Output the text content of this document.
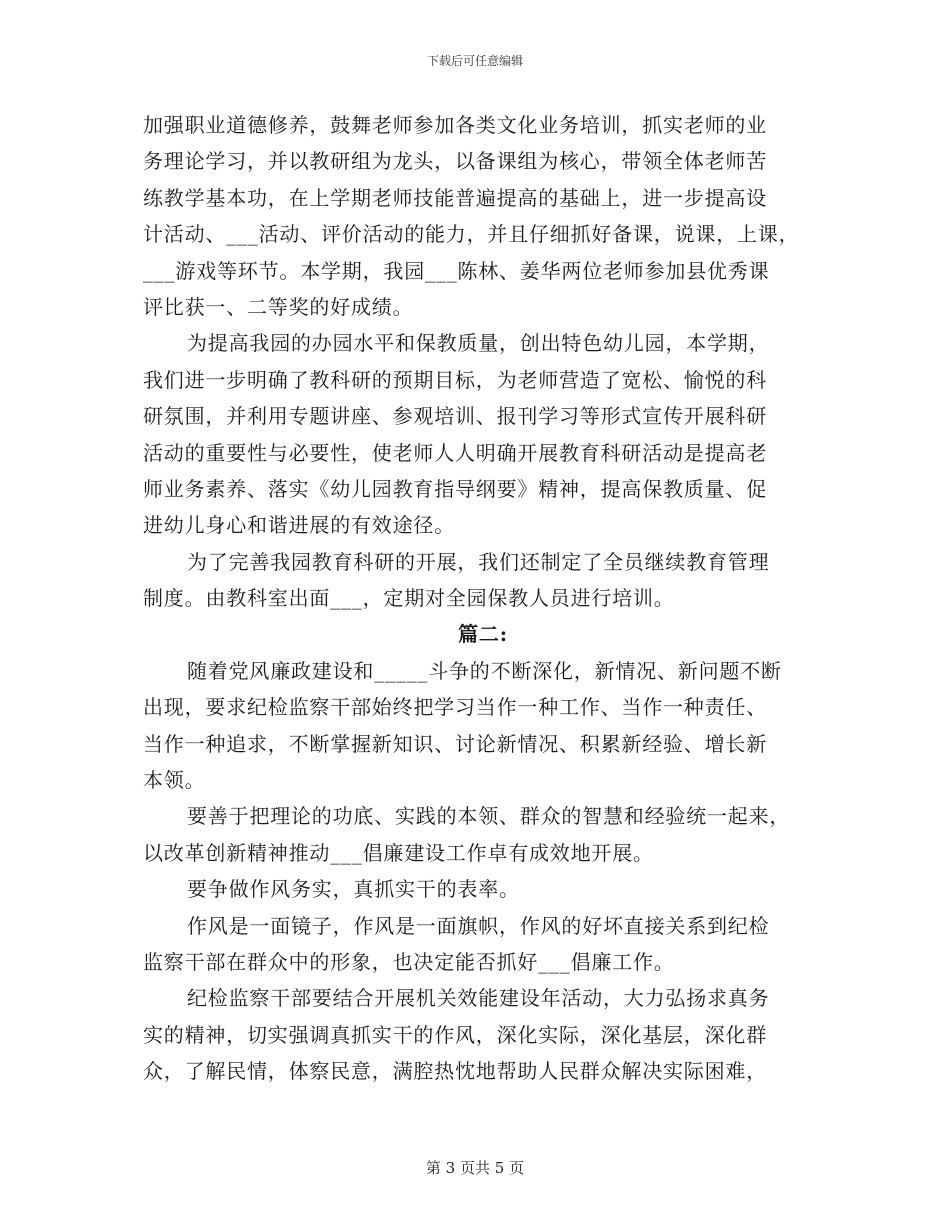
下载后可任意编辑
加强职业道德修养，鼓舞老师参加各类文化业务培训，抓实老师的业
务理论学习，并以教研组为龙头，以备课组为核心，带领全体老师苦
练教学基本功，在上学期老师技能普遍提高的基础上，进一步提高设
计活动、___活动、评价活动的能力，并且仔细抓好备课，说课，上课，
___游戏等环节。本学期，我园___陈林、姜华两位老师参加县优秀课
评比获一、二等奖的好成绩。
为提高我园的办园水平和保教质量，创出特色幼儿园，本学期，
我们进一步明确了教科研的预期目标，为老师营造了宽松、愉悦的科
研氛围，并利用专题讲座、参观培训、报刊学习等形式宣传开展科研
活动的重要性与必要性，使老师人人明确开展教育科研活动是提高老
师业务素养、落实《幼儿园教育指导纲要》精神，提高保教质量、促
进幼儿身心和谐进展的有效途径。
为了完善我园教育科研的开展，我们还制定了全员继续教育管理
制度。由教科室出面___，定期对全园保教人员进行培训。
篇二:
随着党风廉政建设和_____斗争的不断深化，新情况、新问题不断
出现，要求纪检监察干部始终把学习当作一种工作、当作一种责任、
当作一种追求，不断掌握新知识、讨论新情况、积累新经验、增长新
本领。
要善于把理论的功底、实践的本领、群众的智慧和经验统一起来，
以改革创新精神推动___倡廉建设工作卓有成效地开展。
要争做作风务实，真抓实干的表率。
作风是一面镜子，作风是一面旗帜，作风的好坏直接关系到纪检
监察干部在群众中的形象，也决定能否抓好___倡廉工作。
纪检监察干部要结合开展机关效能建设年活动，大力弘扬求真务
实的精神，切实强调真抓实干的作风，深化实际，深化基层，深化群
众，了解民情，体察民意，满腔热忱地帮助人民群众解决实际困难，
第 3 页共 5 页
